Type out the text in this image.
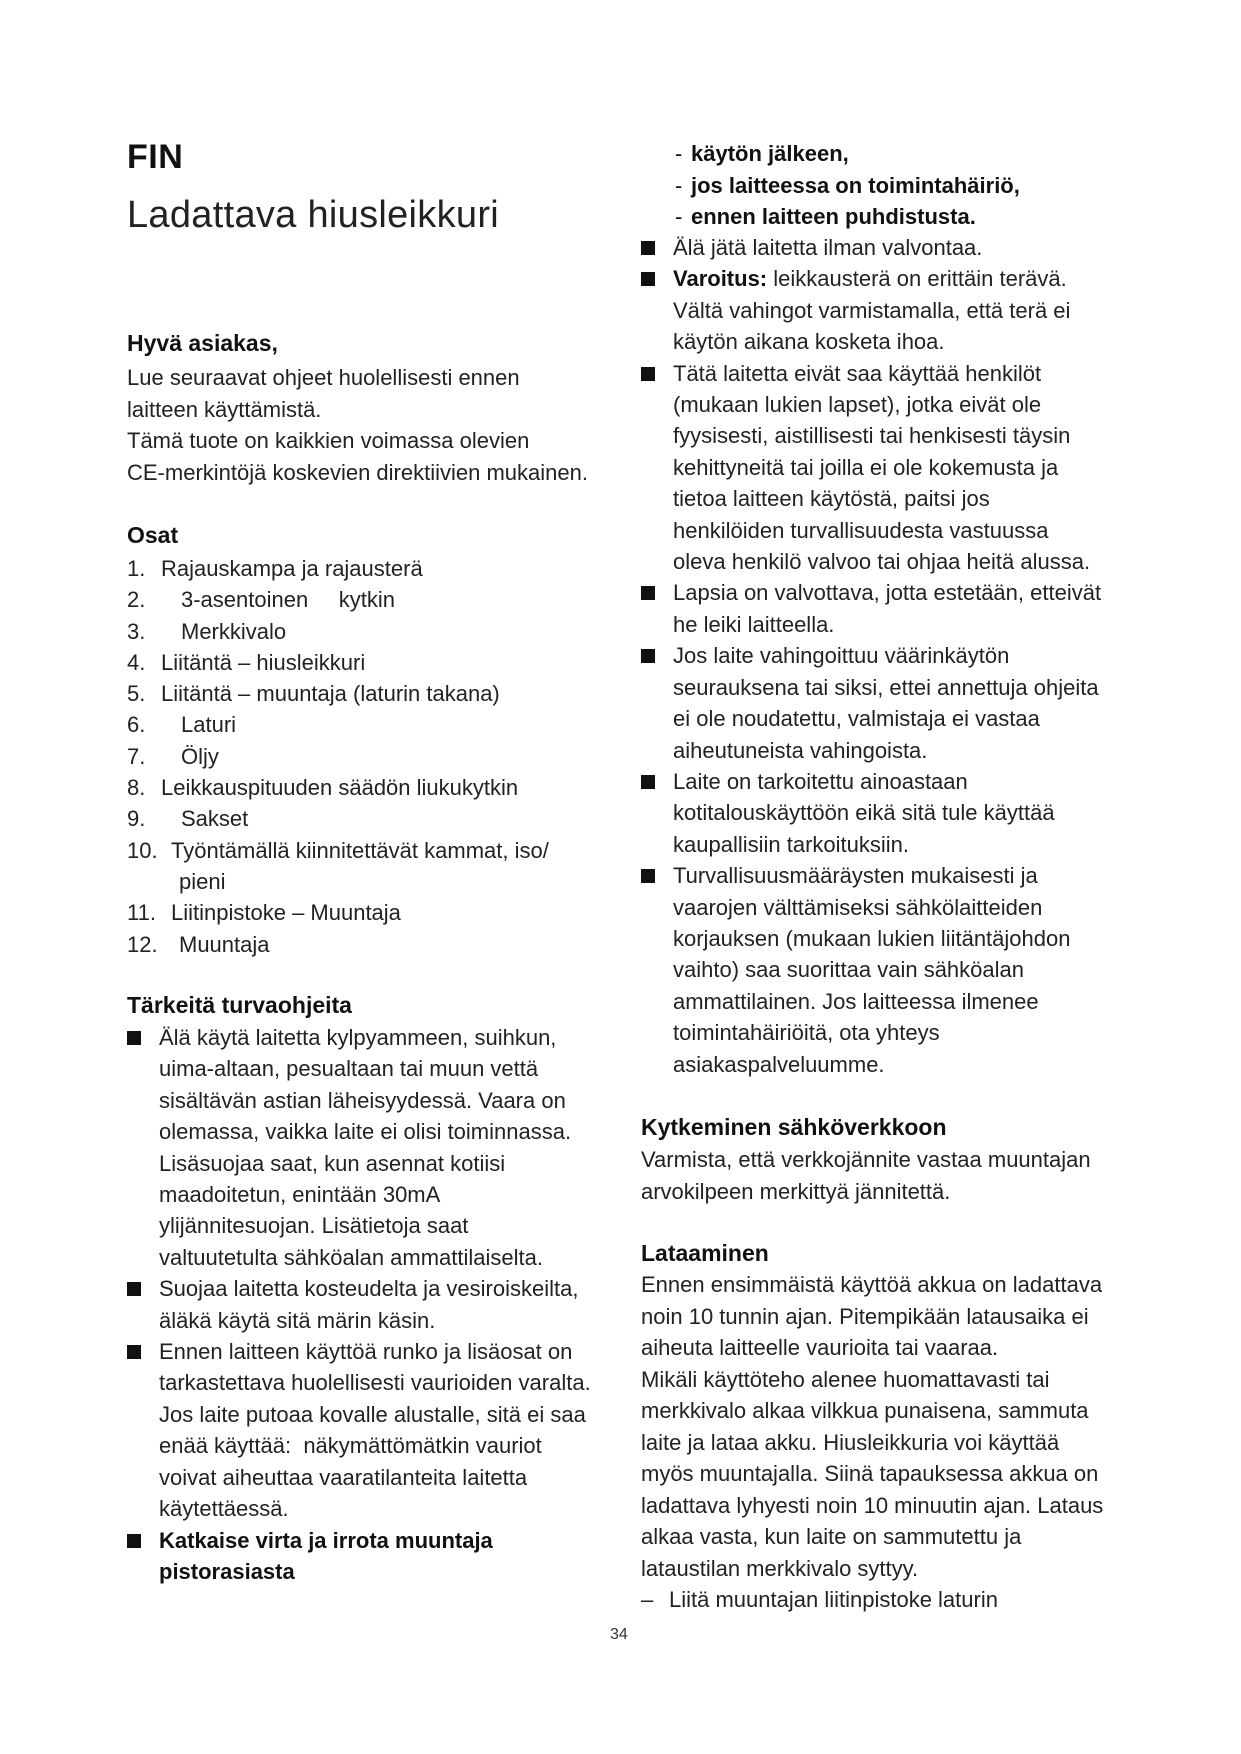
FIN
Ladattava hiusleikkuri
Hyvä asiakas,
Lue seuraavat ohjeet huolellisesti ennen
laitteen käyttämistä.
Tämä tuote on kaikkien voimassa olevien
CE-merkintöjä koskevien direktiivien mukainen.
Osat
1. Rajauskampa ja rajausterä
2. 3-asentoinen     kytkin
3. Merkkivalo
4. Liitäntä – hiusleikkuri
5. Liitäntä – muuntaja (laturin takana)
6. Laturi
7. Öljy
8. Leikkauspituuden säädön liukukytkin
9. Sakset
10. Työntämällä kiinnitettävät kammat, iso/
pieni
11. Liitinpistoke – Muuntaja
12. Muuntaja
Tärkeitä turvaohjeita
Älä käytä laitetta kylpyammeen, suihkun,
uima-altaan, pesualtaan tai muun vettä
sisältävän astian läheisyydessä. Vaara on
olemassa, vaikka laite ei olisi toiminnassa.
Lisäsuojaa saat, kun asennat kotiisi
maadoitetun, enintään 30mA
ylijännitesuojan. Lisätietoja saat
valtuutetulta sähköalan ammattilaiselta.
Suojaa laitetta kosteudelta ja vesiroiskeilta,
äläkä käytä sitä märin käsin.
Ennen laitteen käyttöä runko ja lisäosat on
tarkastettava huolellisesti vaurioiden varalta.
Jos laite putoaa kovalle alustalle, sitä ei saa
enää käyttää:  näkymättömätkin vauriot
voivat aiheuttaa vaaratilanteita laitetta
käytettäessä.
Katkaise virta ja irrota muuntaja
pistorasiasta
- käytön jälkeen,
- jos laitteessa on toimintahäiriö,
- ennen laitteen puhdistusta.
Älä jätä laitetta ilman valvontaa.
Varoitus: leikkausterä on erittäin terävä.
Vältä vahingot varmistamalla, että terä ei
käytön aikana kosketa ihoa.
Tätä laitetta eivät saa käyttää henkilöt
(mukaan lukien lapset), jotka eivät ole
fyysisesti, aistillisesti tai henkisesti täysin
kehittyneitä tai joilla ei ole kokemusta ja
tietoa laitteen käytöstä, paitsi jos
henkilöiden turvallisuudesta vastuussa
oleva henkilö valvoo tai ohjaa heitä alussa.
Lapsia on valvottava, jotta estetään, etteivät
he leiki laitteella.
Jos laite vahingoittuu väärinkäytön
seurauksena tai siksi, ettei annettuja ohjeita
ei ole noudatettu, valmistaja ei vastaa
aiheutuneista vahingoista.
Laite on tarkoitettu ainoastaan
kotitalouskäyttöön eikä sitä tule käyttää
kaupallisiin tarkoituksiin.
Turvallisuusmääräysten mukaisesti ja
vaarojen välttämiseksi sähkölaitteiden
korjauksen (mukaan lukien liitäntäjohdon
vaihto) saa suorittaa vain sähköalan
ammattilainen. Jos laitteessa ilmenee
toimintahäiriöitä, ota yhteys
asiakaspalveluumme.
Kytkeminen sähköverkkoon
Varmista, että verkkojännite vastaa muuntajan
arvokilpeen merkittyä jännitettä.
Lataaminen
Ennen ensimmäistä käyttöä akkua on ladattava
noin 10 tunnin ajan. Pitempikään latausaika ei
aiheuta laitteelle vaurioita tai vaaraa.
Mikäli käyttöteho alenee huomattavasti tai
merkkivalo alkaa vilkkua punaisena, sammuta
laite ja lataa akku. Hiusleikkuria voi käyttää
myös muuntajalla. Siinä tapauksessa akkua on
ladattava lyhyesti noin 10 minuutin ajan. Lataus
alkaa vasta, kun laite on sammutettu ja
lataustilan merkkivalo syttyy.
– Liitä muuntajan liitinpistoke laturin
34
